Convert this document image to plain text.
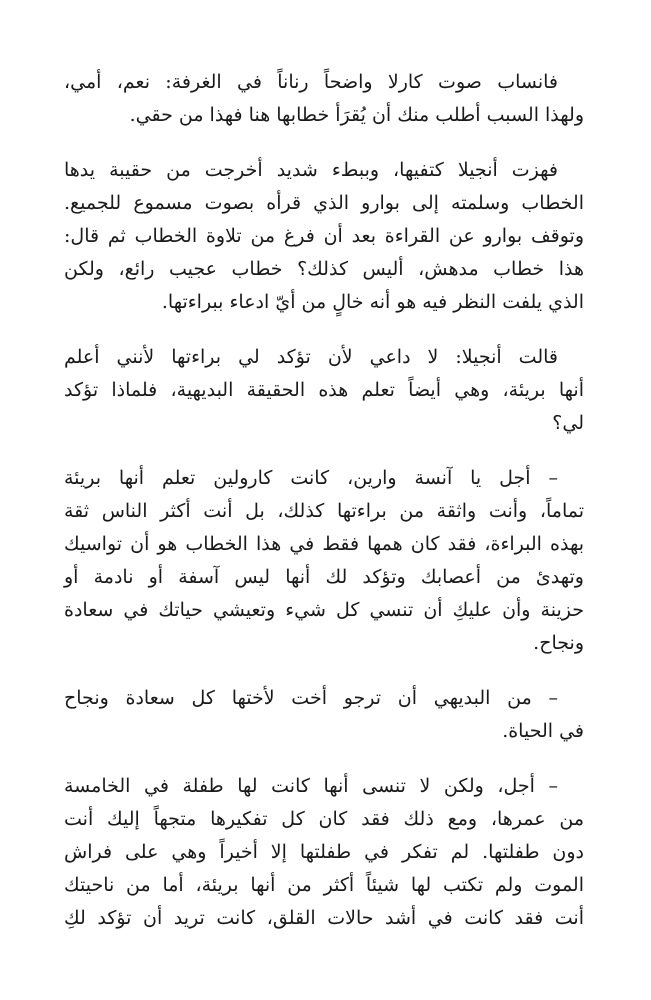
فانساب صوت كارلا واضحاً رناناً في الغرفة: نعم، أمي،
ولهذا السبب أطلب منك أن يُقرَأ خطابها هنا فهذا من حقي.

فهزت أنجيلا كتفيها، وببطء شديد أخرجت من حقيبة يدها
الخطاب وسلمته إلى بوارو الذي قرأه بصوت مسموع للجميع.
وتوقف بوارو عن القراءة بعد أن فرغ من تلاوة الخطاب ثم قال:
هذا خطاب مدهش، أليس كذلك؟ خطاب عجيب رائع، ولكن
الذي يلفت النظر فيه هو أنه خالٍ من أيّ ادعاء ببراءتها.

قالت أنجيلا: لا داعي لأن تؤكد لي براءتها لأنني أعلم
أنها بريئة، وهي أيضاً تعلم هذه الحقيقة البديهية، فلماذا تؤكد
لي؟

– أجل يا آنسة وارين، كانت كارولين تعلم أنها بريئة
تماماً، وأنت واثقة من براءتها كذلك، بل أنت أكثر الناس ثقة
بهذه البراءة، فقد كان همها فقط في هذا الخطاب هو أن تواسيك
وتهدئ من أعصابك وتؤكد لك أنها ليس آسفة أو نادمة أو
حزينة وأن عليكِ أن تنسي كل شيء وتعيشي حياتك في سعادة
ونجاح.

– من البديهي أن ترجو أخت لأختها كل سعادة ونجاح
في الحياة.

– أجل، ولكن لا تنسى أنها كانت لها طفلة في الخامسة
من عمرها، ومع ذلك فقد كان كل تفكيرها متجهاً إليك أنت
دون طفلتها. لم تفكر في طفلتها إلا أخيراً وهي على فراش
الموت ولم تكتب لها شيئاً أكثر من أنها بريئة، أما من ناحيتك
أنت فقد كانت في أشد حالات القلق، كانت تريد أن تؤكد لكِ
